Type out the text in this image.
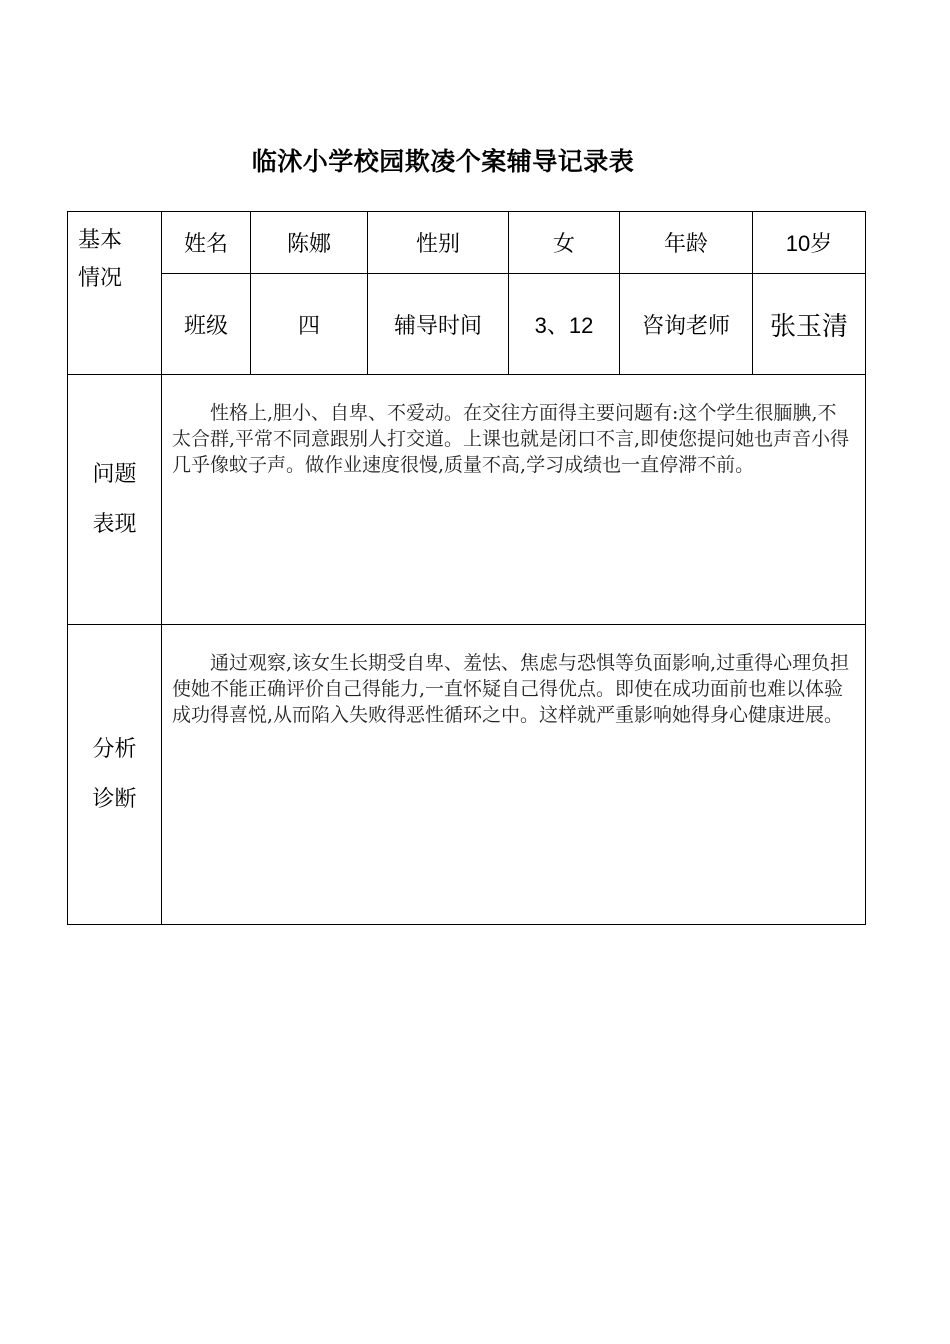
临沭小学校园欺凌个案辅导记录表
基本
情况	姓名	陈娜	性别	女	年龄	10岁
	班级	四	辅导时间	3、12	咨询老师	张玉清

问题
表现	性格上,胆小、自卑、不爱动。在交往方面得主要问题有:这个学生很腼腆,不太合群,平常不同意跟别人打交道。上课也就是闭口不言,即使您提问她也声音小得几乎像蚊子声。做作业速度很慢,质量不高,学习成绩也一直停滞不前。					

分析
诊断	通过观察,该女生长期受自卑、羞怯、焦虑与恐惧等负面影响,过重得心理负担使她不能正确评价自己得能力,一直怀疑自己得优点。即使在成功面前也难以体验成功得喜悦,从而陷入失败得恶性循环之中。这样就严重影响她得身心健康进展。					
